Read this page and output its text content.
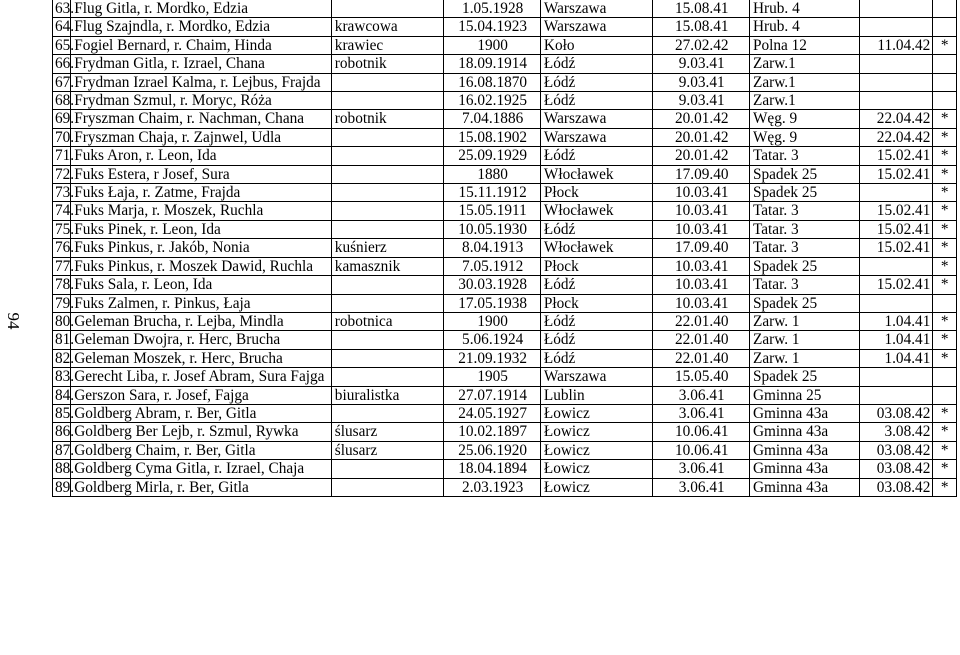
94
63.	Flug Gitla, r. Mordko, Edzia		1.05.1928	Warszawa	15.08.41	Hrub. 4		
64.	Flug Szajndla, r. Mordko, Edzia	krawcowa	15.04.1923	Warszawa	15.08.41	Hrub. 4		
65.	Fogiel Bernard, r. Chaim, Hinda	krawiec	1900	Koło	27.02.42	Polna 12	11.04.42	*
66.	Frydman Gitla, r. Izrael, Chana	robotnik	18.09.1914	Łódź	9.03.41	Zarw.1		
67.	Frydman Izrael Kalma, r. Lejbus, Frajda		16.08.1870	Łódź	9.03.41	Zarw.1		
68.	Frydman Szmul, r. Moryc, Róża		16.02.1925	Łódź	9.03.41	Zarw.1		
69.	Fryszman Chaim, r. Nachman, Chana	robotnik	7.04.1886	Warszawa	20.01.42	Węg. 9	22.04.42	*
70.	Fryszman Chaja, r. Zajnwel, Udla		15.08.1902	Warszawa	20.01.42	Węg. 9	22.04.42	*
71.	Fuks Aron, r. Leon, Ida		25.09.1929	Łódź	20.01.42	Tatar. 3	15.02.41	*
72.	Fuks Estera, r Josef, Sura		1880	Włocławek	17.09.40	Spadek 25	15.02.41	*
73.	Fuks Łaja, r. Zatme, Frajda		15.11.1912	Płock	10.03.41	Spadek 25		*
74.	Fuks Marja, r. Moszek, Ruchla		15.05.1911	Włocławek	10.03.41	Tatar. 3	15.02.41	*
75.	Fuks Pinek, r. Leon, Ida		10.05.1930	Łódź	10.03.41	Tatar. 3	15.02.41	*
76.	Fuks Pinkus, r. Jakób, Nonia	kuśnierz	8.04.1913	Włocławek	17.09.40	Tatar. 3	15.02.41	*
77.	Fuks Pinkus, r. Moszek Dawid, Ruchla	kamasznik	7.05.1912	Płock	10.03.41	Spadek 25		*
78.	Fuks Sala, r. Leon, Ida		30.03.1928	Łódź	10.03.41	Tatar. 3	15.02.41	*
79.	Fuks Zalmen, r. Pinkus, Łaja		17.05.1938	Płock	10.03.41	Spadek 25		
80.	Geleman Brucha, r. Lejba, Mindla	robotnica	1900	Łódź	22.01.40	Zarw. 1	1.04.41	*
81.	Geleman Dwojra, r. Herc, Brucha		5.06.1924	Łódź	22.01.40	Zarw. 1	1.04.41	*
82.	Geleman Moszek, r. Herc, Brucha		21.09.1932	Łódź	22.01.40	Zarw. 1	1.04.41	*
83.	Gerecht Liba, r. Josef Abram, Sura Fajga		1905	Warszawa	15.05.40	Spadek 25		
84.	Gerszon Sara, r. Josef, Fajga	biuralistka	27.07.1914	Lublin	3.06.41	Gminna 25		
85.	Goldberg Abram, r. Ber, Gitla		24.05.1927	Łowicz	3.06.41	Gminna 43a	03.08.42	*
86.	Goldberg Ber Lejb, r. Szmul, Rywka	ślusarz	10.02.1897	Łowicz	10.06.41	Gminna 43a	3.08.42	*
87.	Goldberg Chaim, r. Ber, Gitla	ślusarz	25.06.1920	Łowicz	10.06.41	Gminna 43a	03.08.42	*
88.	Goldberg Cyma Gitla, r. Izrael, Chaja		18.04.1894	Łowicz	3.06.41	Gminna 43a	03.08.42	*
89.	Goldberg Mirla, r. Ber, Gitla		2.03.1923	Łowicz	3.06.41	Gminna 43a	03.08.42	*
